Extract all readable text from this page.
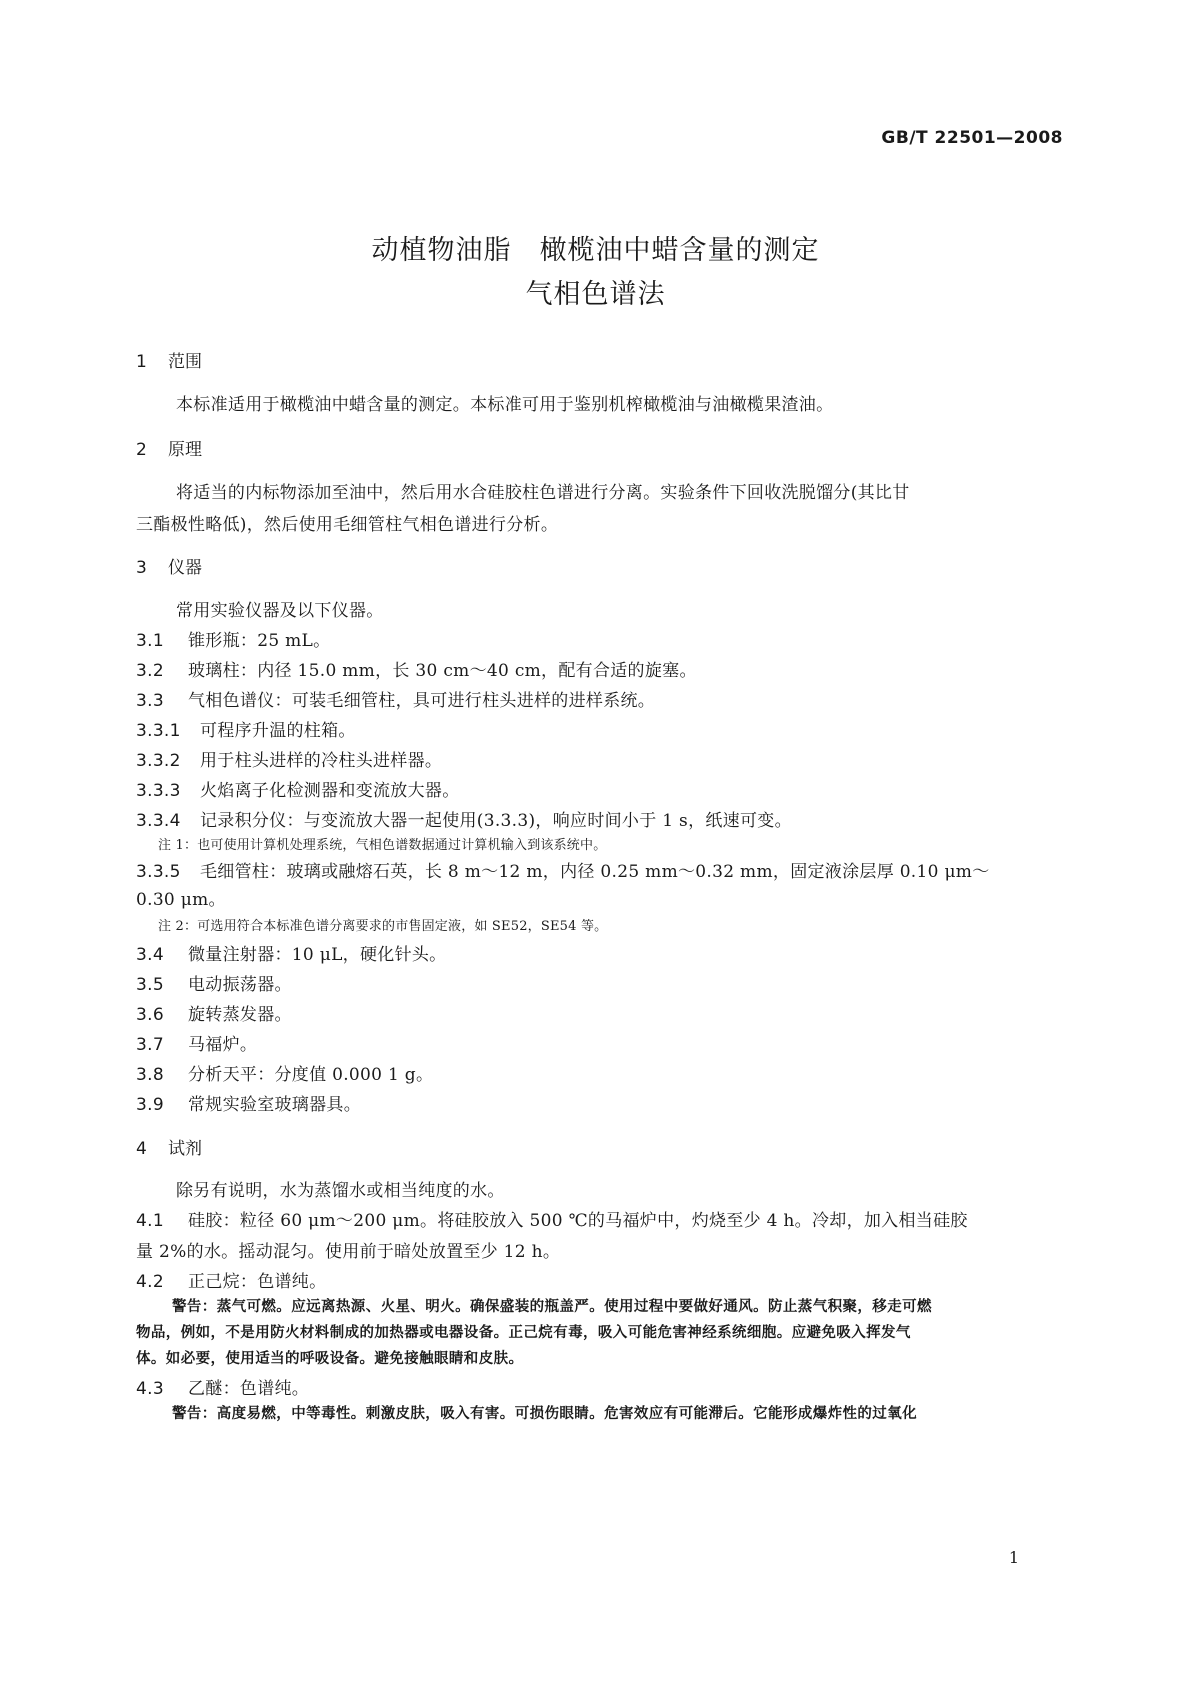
GB/T 22501—2008
动植物油脂　橄榄油中蜡含量的测定
气相色谱法
1 范围
本标准适用于橄榄油中蜡含量的测定。本标准可用于鉴别机榨橄榄油与油橄榄果渣油。
2 原理
将适当的内标物添加至油中，然后用水合硅胶柱色谱进行分离。实验条件下回收洗脱馏分(其比甘
三酯极性略低)，然后使用毛细管柱气相色谱进行分析。
3 仪器
常用实验仪器及以下仪器。
3.1 锥形瓶：25 mL。
3.2 玻璃柱：内径 15.0 mm，长 30 cm～40 cm，配有合适的旋塞。
3.3 气相色谱仪：可装毛细管柱，具可进行柱头进样的进样系统。
3.3.1 可程序升温的柱箱。
3.3.2 用于柱头进样的冷柱头进样器。
3.3.3 火焰离子化检测器和变流放大器。
3.3.4 记录积分仪：与变流放大器一起使用(3.3.3)，响应时间小于 1 s，纸速可变。
注 1：也可使用计算机处理系统，气相色谱数据通过计算机输入到该系统中。
3.3.5 毛细管柱：玻璃或融熔石英，长 8 m～12 m，内径 0.25 mm～0.32 mm，固定液涂层厚 0.10 μm～
0.30 μm。
注 2：可选用符合本标准色谱分离要求的市售固定液，如 SE52，SE54 等。
3.4 微量注射器：10 μL，硬化针头。
3.5 电动振荡器。
3.6 旋转蒸发器。
3.7 马福炉。
3.8 分析天平：分度值 0.000 1 g。
3.9 常规实验室玻璃器具。
4 试剂
除另有说明，水为蒸馏水或相当纯度的水。
4.1 硅胶：粒径 60 μm～200 μm。将硅胶放入 500 ℃的马福炉中，灼烧至少 4 h。冷却，加入相当硅胶
量 2%的水。摇动混匀。使用前于暗处放置至少 12 h。
4.2 正己烷：色谱纯。
警告：蒸气可燃。应远离热源、火星、明火。确保盛装的瓶盖严。使用过程中要做好通风。防止蒸气积聚，移走可燃
物品，例如，不是用防火材料制成的加热器或电器设备。正己烷有毒，吸入可能危害神经系统细胞。应避免吸入挥发气
体。如必要，使用适当的呼吸设备。避免接触眼睛和皮肤。
4.3 乙醚：色谱纯。
警告：高度易燃，中等毒性。刺激皮肤，吸入有害。可损伤眼睛。危害效应有可能滞后。它能形成爆炸性的过氧化
1
